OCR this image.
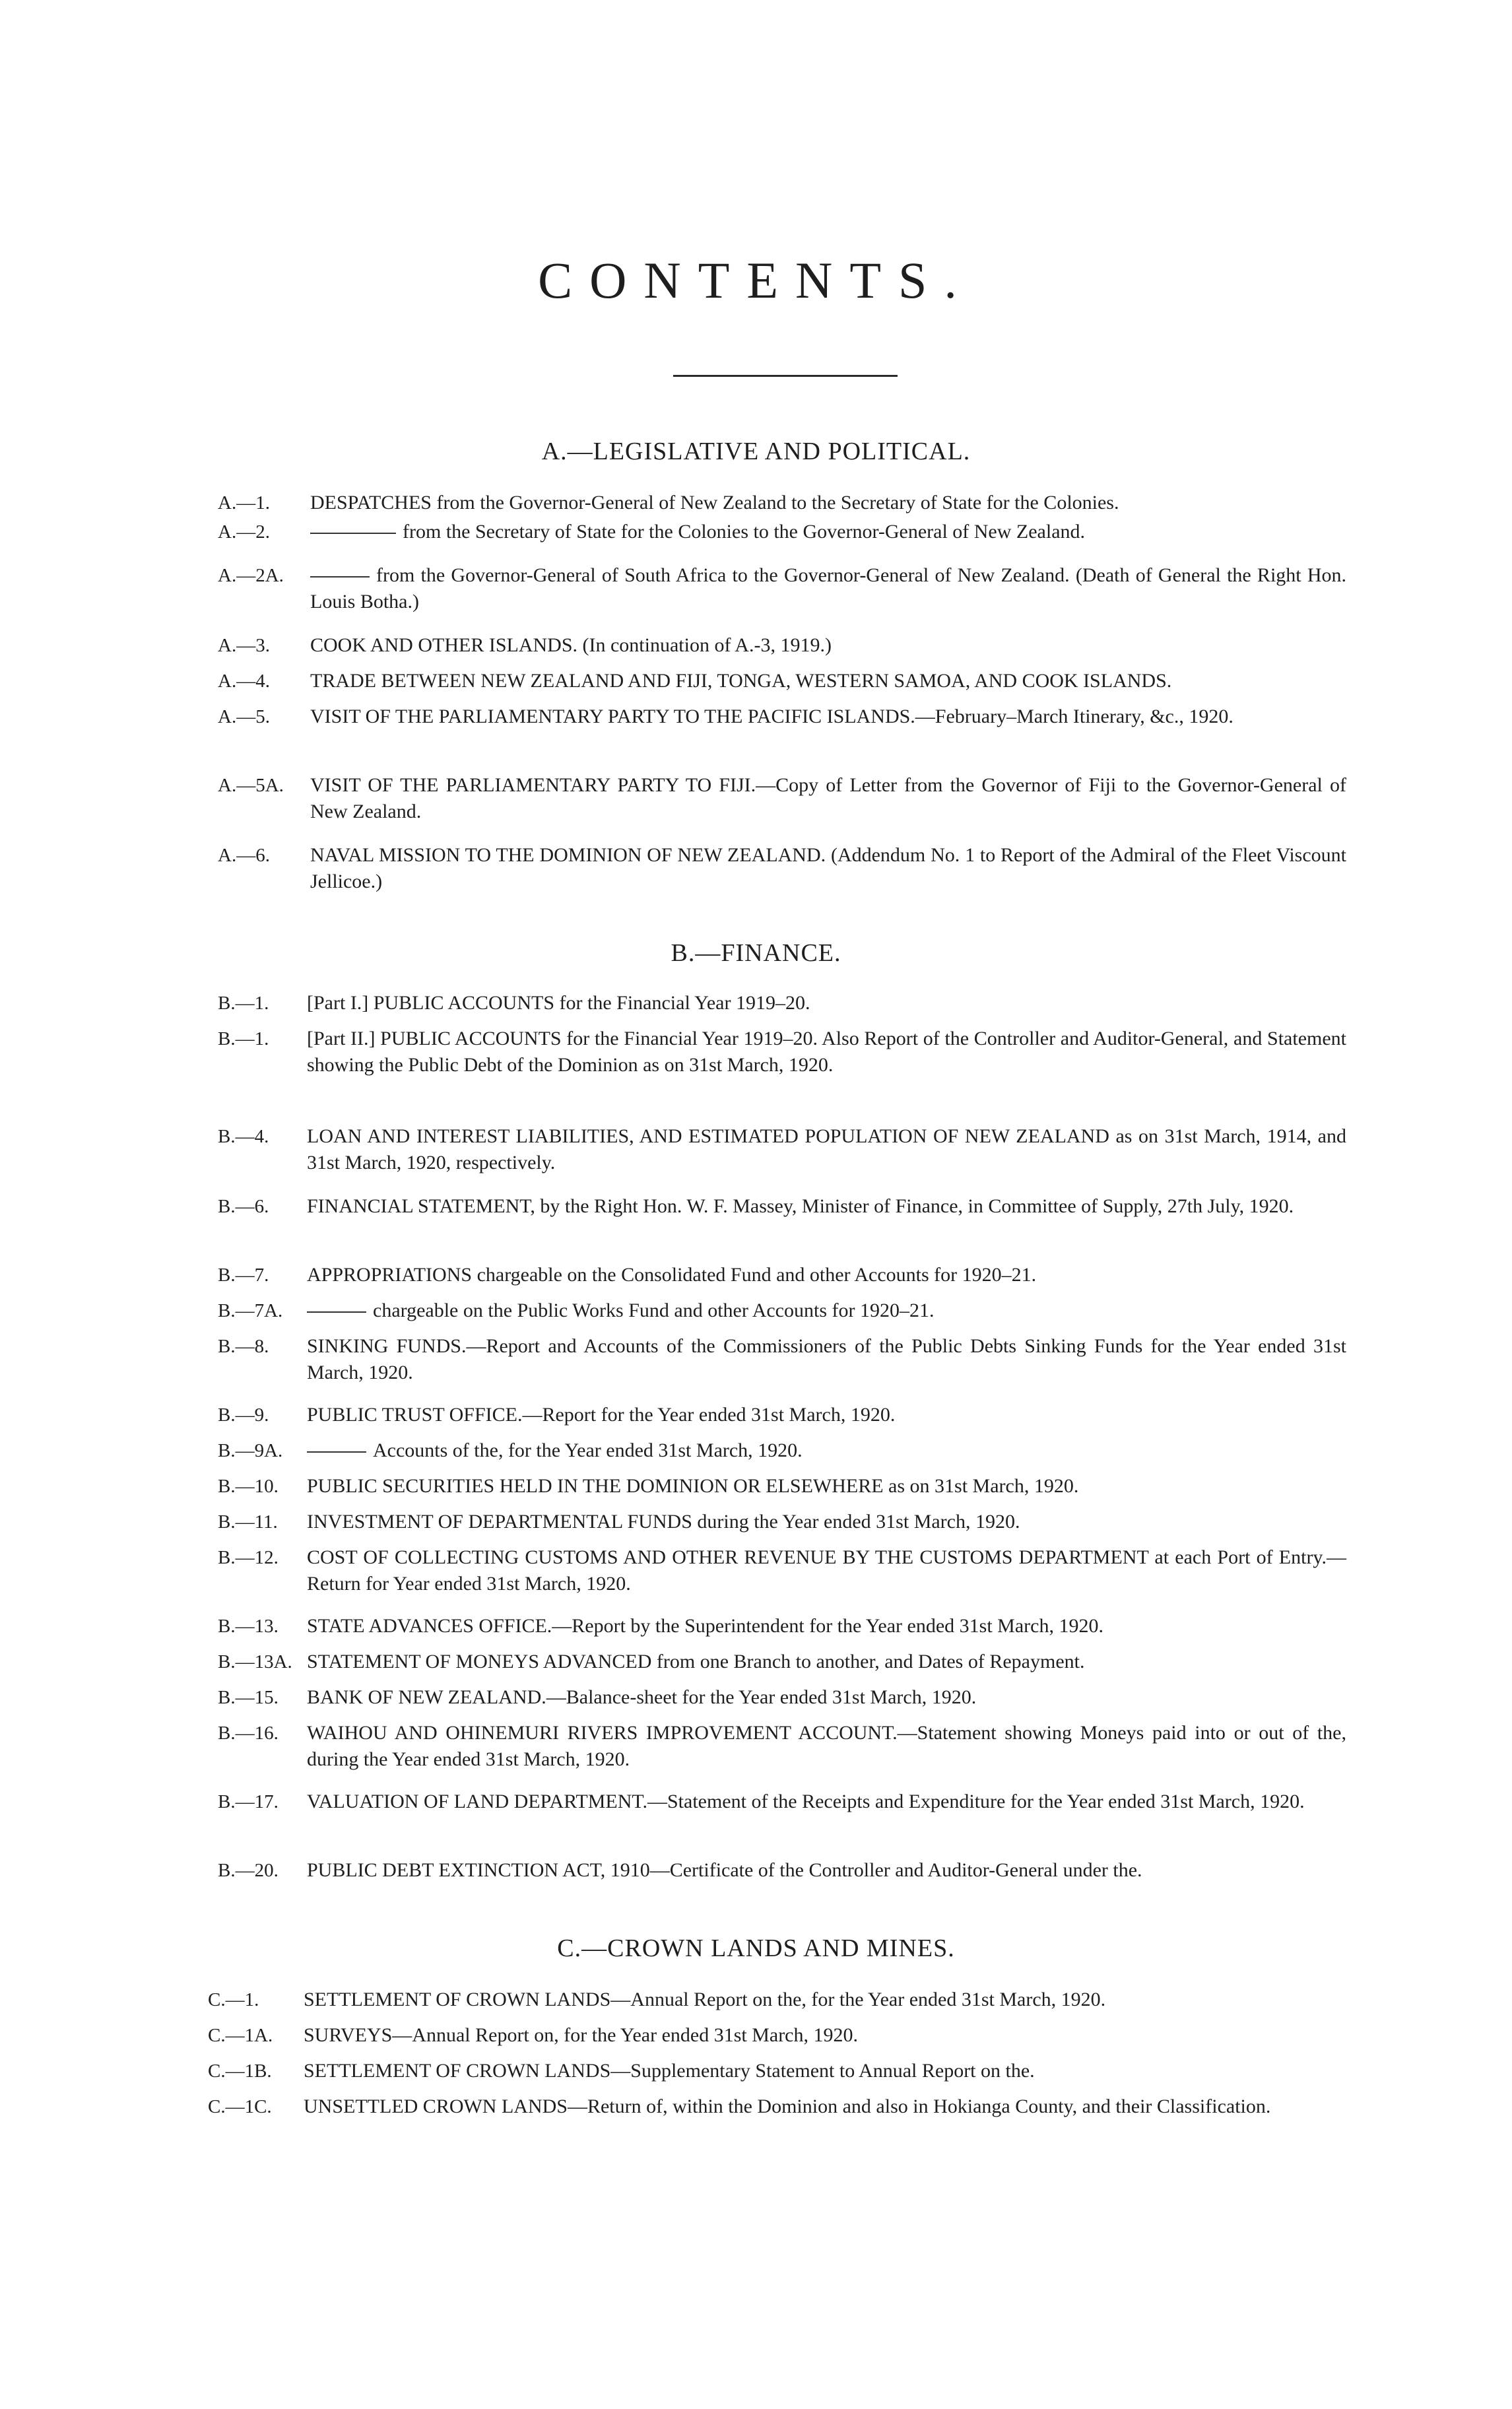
CONTENTS.
A.—LEGISLATIVE AND POLITICAL.
A.—1.	DESPATCHES from the Governor-General of New Zealand to the Secretary of State for the Colonies.
A.—2.	from the Secretary of State for the Colonies to the Governor-General of New Zealand.
A.—2A.	from the Governor-General of South Africa to the Governor-General of New Zealand. (Death of General the Right Hon. Louis Botha.)
A.—3.	COOK AND OTHER ISLANDS. (In continuation of A.-3, 1919.)
A.—4.	TRADE BETWEEN NEW ZEALAND AND FIJI, TONGA, WESTERN SAMOA, AND COOK ISLANDS.
A.—5.	VISIT OF THE PARLIAMENTARY PARTY TO THE PACIFIC ISLANDS.—February–March Itinerary, &c., 1920.
A.—5A.	VISIT OF THE PARLIAMENTARY PARTY TO FIJI.—Copy of Letter from the Governor of Fiji to the Governor-General of New Zealand.
A.—6.	NAVAL MISSION TO THE DOMINION OF NEW ZEALAND. (Addendum No. 1 to Report of the Admiral of the Fleet Viscount Jellicoe.)
B.—FINANCE.
B.—1.	[Part I.] PUBLIC ACCOUNTS for the Financial Year 1919–20.
B.—1.	[Part II.] PUBLIC ACCOUNTS for the Financial Year 1919–20. Also Report of the Controller and Auditor-General, and Statement showing the Public Debt of the Dominion as on 31st March, 1920.
B.—4.	LOAN AND INTEREST LIABILITIES, AND ESTIMATED POPULATION OF NEW ZEALAND as on 31st March, 1914, and 31st March, 1920, respectively.
B.—6.	FINANCIAL STATEMENT, by the Right Hon. W. F. Massey, Minister of Finance, in Committee of Supply, 27th July, 1920.
B.—7.	APPROPRIATIONS chargeable on the Consolidated Fund and other Accounts for 1920–21.
B.—7A.	chargeable on the Public Works Fund and other Accounts for 1920–21.
B.—8.	SINKING FUNDS.—Report and Accounts of the Commissioners of the Public Debts Sinking Funds for the Year ended 31st March, 1920.
B.—9.	PUBLIC TRUST OFFICE.—Report for the Year ended 31st March, 1920.
B.—9A.	Accounts of the, for the Year ended 31st March, 1920.
B.—10.	PUBLIC SECURITIES HELD IN THE DOMINION OR ELSEWHERE as on 31st March, 1920.
B.—11.	INVESTMENT OF DEPARTMENTAL FUNDS during the Year ended 31st March, 1920.
B.—12.	COST OF COLLECTING CUSTOMS AND OTHER REVENUE BY THE CUSTOMS DEPARTMENT at each Port of Entry.—Return for Year ended 31st March, 1920.
B.—13.	STATE ADVANCES OFFICE.—Report by the Superintendent for the Year ended 31st March, 1920.
B.—13A. STATEMENT OF MONEYS ADVANCED from one Branch to another, and Dates of Repayment.
B.—15.	BANK OF NEW ZEALAND.—Balance-sheet for the Year ended 31st March, 1920.
B.—16.	WAIHOU AND OHINEMURI RIVERS IMPROVEMENT ACCOUNT.—Statement showing Moneys paid into or out of the, during the Year ended 31st March, 1920.
B.—17.	VALUATION OF LAND DEPARTMENT.—Statement of the Receipts and Expenditure for the Year ended 31st March, 1920.
B.—20.	PUBLIC DEBT EXTINCTION ACT, 1910—Certificate of the Controller and Auditor-General under the.
C.—CROWN LANDS AND MINES.
C.—1.	SETTLEMENT OF CROWN LANDS—Annual Report on the, for the Year ended 31st March, 1920.
C.—1A.	SURVEYS—Annual Report on, for the Year ended 31st March, 1920.
C.—1B.	SETTLEMENT OF CROWN LANDS—Supplementary Statement to Annual Report on the.
C.—1C.	UNSETTLED CROWN LANDS—Return of, within the Dominion and also in Hokianga County, and their Classification.
